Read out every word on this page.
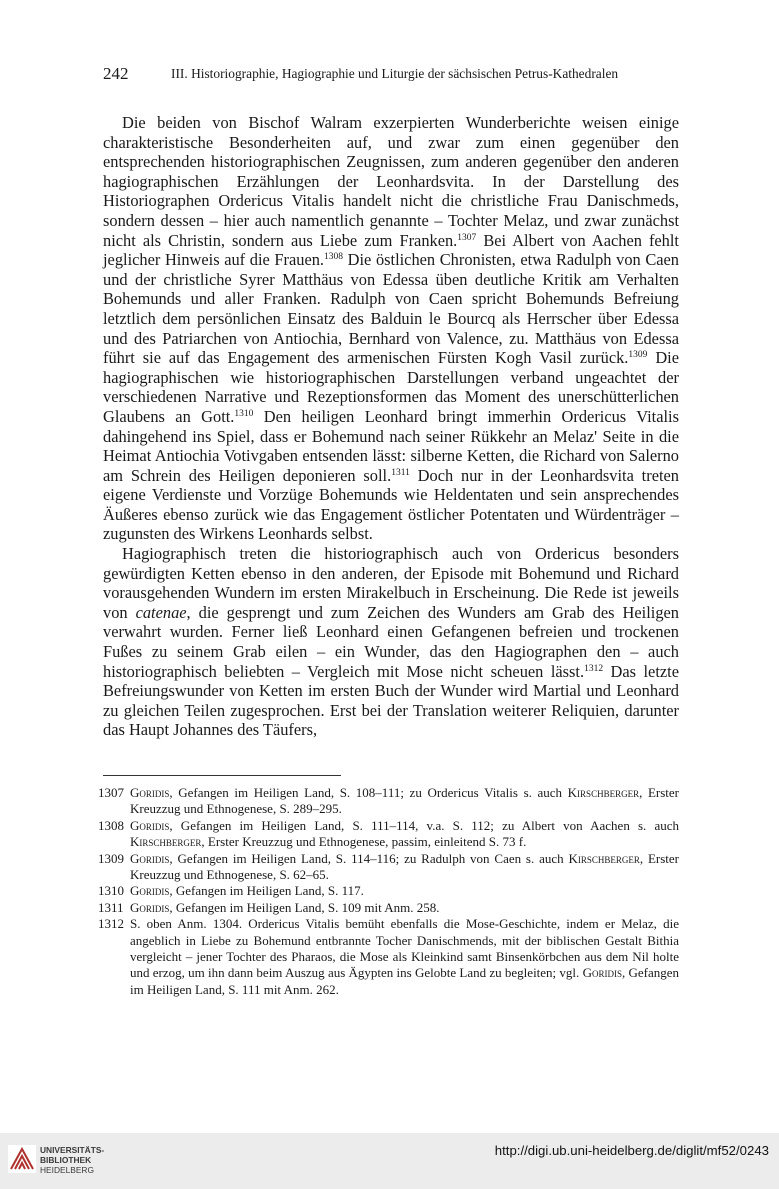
242	III. Historiographie, Hagiographie und Liturgie der sächsischen Petrus-Kathedralen

Die beiden von Bischof Walram exzerpierten Wunderberichte weisen einige charakteristische Besonderheiten auf, und zwar zum einen gegenüber den entsprechenden historiographischen Zeugnissen, zum anderen gegenüber den anderen hagiographischen Erzählungen der Leonhardsvita. In der Darstellung des Historiographen Ordericus Vitalis handelt nicht die christliche Frau Danischmeds, sondern dessen – hier auch namentlich genannte – Tochter Melaz, und zwar zunächst nicht als Christin, sondern aus Liebe zum Franken.$^{1307}$ Bei Albert von Aachen fehlt jeglicher Hinweis auf die Frauen.$^{1308}$ Die östlichen Chronisten, etwa Radulph von Caen und der christliche Syrer Matthäus von Edessa üben deutliche Kritik am Verhalten Bohemunds und aller Franken. Radulph von Caen spricht Bohemunds Befreiung letztlich dem persönlichen Einsatz des Balduin le Bourcq als Herrscher über Edessa und des Patriarchen von Antiochia, Bernhard von Valence, zu. Matthäus von Edessa führt sie auf das Engagement des armenischen Fürsten Kogh Vasil zurück.$^{1309}$ Die hagiographischen wie historiographischen Darstellungen verband ungeachtet der verschiedenen Narrative und Rezeptionsformen das Moment des unerschütterlichen Glaubens an Gott.$^{1310}$ Den heiligen Leonhard bringt immerhin Ordericus Vitalis dahingehend ins Spiel, dass er Bohemund nach seiner Rükkehr an Melaz' Seite in die Heimat Antiochia Votivgaben entsenden lässt: silberne Ketten, die Richard von Salerno am Schrein des Heiligen deponieren soll.$^{1311}$ Doch nur in der Leonhardsvita treten eigene Verdienste und Vorzüge Bohemunds wie Heldentaten und sein ansprechendes Äußeres ebenso zurück wie das Engagement östlicher Potentaten und Würdenträger – zugunsten des Wirkens Leonhards selbst.

Hagiographisch treten die historiographisch auch von Ordericus besonders gewürdigten Ketten ebenso in den anderen, der Episode mit Bohemund und Richard vorausgehenden Wundern im ersten Mirakelbuch in Erscheinung. Die Rede ist jeweils von catenae, die gesprengt und zum Zeichen des Wunders am Grab des Heiligen verwahrt wurden. Ferner ließ Leonhard einen Gefangenen befreien und trockenen Fußes zu seinem Grab eilen – ein Wunder, das den Hagiographen den – auch historiographisch beliebten – Vergleich mit Mose nicht scheuen lässt.$^{1312}$ Das letzte Befreiungswunder von Ketten im ersten Buch der Wunder wird Martial und Leonhard zu gleichen Teilen zugesprochen. Erst bei der Translation weiterer Reliquien, darunter das Haupt Johannes des Täufers,

1307 Goridis, Gefangen im Heiligen Land, S. 108–111; zu Ordericus Vitalis s. auch Kirschberger, Erster Kreuzzug und Ethnogenese, S. 289–295.
1308 Goridis, Gefangen im Heiligen Land, S. 111–114, v.a. S. 112; zu Albert von Aachen s. auch Kirschberger, Erster Kreuzzug und Ethnogenese, passim, einleitend S. 73 f.
1309 Goridis, Gefangen im Heiligen Land, S. 114–116; zu Radulph von Caen s. auch Kirschberger, Erster Kreuzzug und Ethnogenese, S. 62–65.
1310 Goridis, Gefangen im Heiligen Land, S. 117.
1311 Goridis, Gefangen im Heiligen Land, S. 109 mit Anm. 258.
1312 S. oben Anm. 1304. Ordericus Vitalis bemüht ebenfalls die Mose-Geschichte, indem er Melaz, die angeblich in Liebe zu Bohemund entbrannte Tocher Danischmends, mit der biblischen Gestalt Bithia vergleicht – jener Tochter des Pharaos, die Mose als Kleinkind samt Binsenkörbchen aus dem Nil holte und erzog, um ihn dann beim Auszug aus Ägypten ins Gelobte Land zu begleiten; vgl. Goridis, Gefangen im Heiligen Land, S. 111 mit Anm. 262.
UNIVERSITÄTS-
BIBLIOTHEK
HEIDELBERG
http://digi.ub.uni-heidelberg.de/diglit/mf52/0243
